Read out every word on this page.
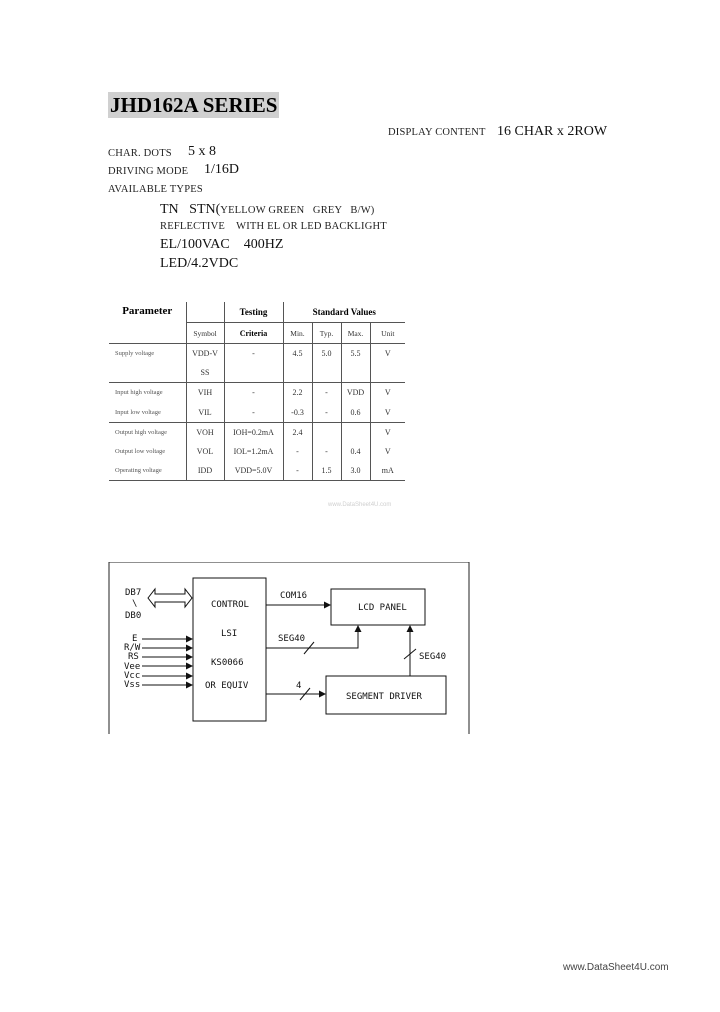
JHD162A SERIES
DISPLAY CONTENT 16 CHAR x 2ROW
CHAR. DOTS 5 x 8
DRIVING MODE 1/16D
AVAILABLE TYPES
TN   STN(YELLOW GREEN   GREY   B/W)
REFLECTIVE    WITH EL OR LED BACKLIGHT
EL/100VAC    400HZ
LED/4.2VDC
Parameter		Testing	Standard Values			
	Symbol	Criteria	Min.	Typ.	Max.	Unit
Supply voltage	VDD-V	-	4.5	5.0	5.5	V
	SS					
Input high voltage	VIH	-	2.2	-	VDD	V
Input low voltage	VIL	-	-0.3	-	0.6	V
Output high voltage	VOH	IOH=0.2mA	2.4			V
Output low voltage	VOL	IOL=1.2mA	-	-	0.4	V
Operating voltage	IDD	VDD=5.0V	-	1.5	3.0	mA
www.DataSheet4U.com
DB7
\
DB0
E
R/W
RS
Vee
Vcc
Vss
CONTROL
LSI
KS0066
OR EQUIV
LCD PANEL
SEGMENT DRIVER
COM16
SEG40
SEG40
4
www.DataSheet4U.com
